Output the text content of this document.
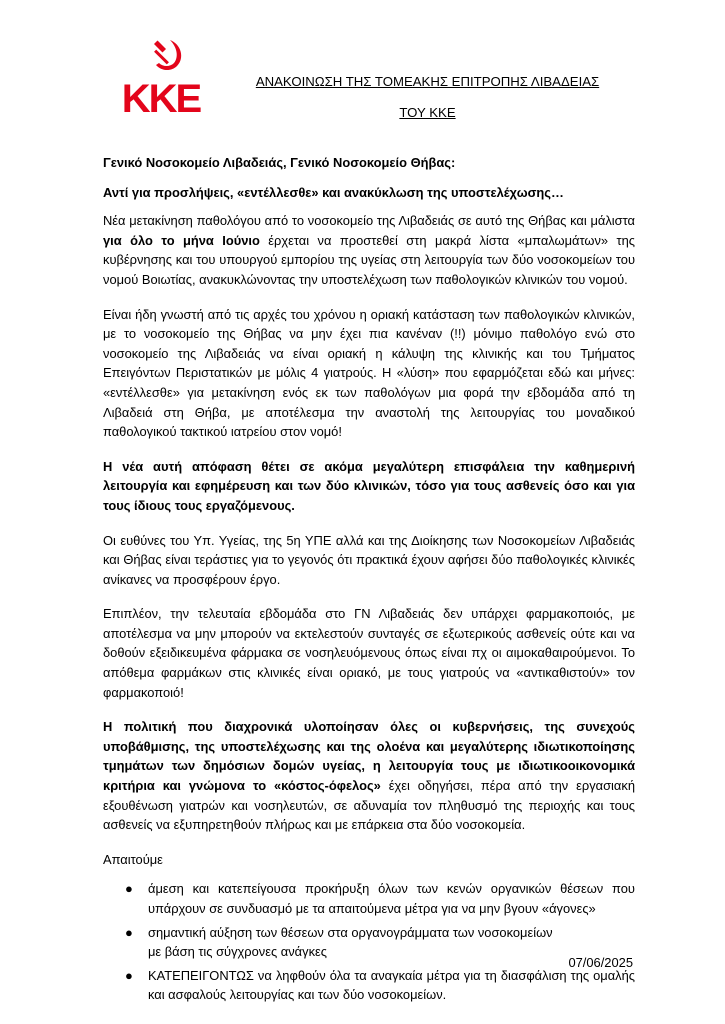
ΚΚΕ	ΑΝΑΚΟΙΝΩΣΗ ΤΗΣ ΤΟΜΕΑΚΗΣ ΕΠΙΤΡΟΠΗΣ ΛΙΒΑΔΕΙΑΣ
ΤΟΥ ΚΚΕ
Γενικό Νοσοκομείο Λιβαδειάς, Γενικό Νοσοκομείο Θήβας:
Αντί για προσλήψεις, «εντέλλεσθε» και ανακύκλωση της υποστελέχωσης…
Νέα μετακίνηση παθολόγου από το νοσοκομείο της Λιβαδειάς σε αυτό της Θήβας και μάλιστα για όλο το μήνα Ιούνιο έρχεται να προστεθεί στη μακρά λίστα «μπαλωμάτων» της κυβέρνησης και του υπουργού εμπορίου της υγείας στη λειτουργία των δύο νοσοκομείων του νομού Βοιωτίας, ανακυκλώνοντας την υποστελέχωση των παθολογικών κλινικών του νομού.
Είναι ήδη γνωστή από τις αρχές του χρόνου η οριακή κατάσταση των παθολογικών κλινικών, με το νοσοκομείο της Θήβας να μην έχει πια κανέναν (!!) μόνιμο παθολόγο ενώ στο νοσοκομείο της Λιβαδειάς να είναι οριακή η κάλυψη της κλινικής και του Τμήματος Επειγόντων Περιστατικών με μόλις 4 γιατρούς. Η «λύση» που εφαρμόζεται εδώ και μήνες: «εντέλλεσθε» για μετακίνηση ενός εκ των παθολόγων μια φορά την εβδομάδα από τη Λιβαδειά στη Θήβα, με αποτέλεσμα την αναστολή της λειτουργίας του μοναδικού παθολογικού τακτικού ιατρείου στον νομό!
Η νέα αυτή απόφαση θέτει σε ακόμα μεγαλύτερη επισφάλεια την καθημερινή λειτουργία και εφημέρευση και των δύο κλινικών, τόσο για τους ασθενείς όσο και για τους ίδιους τους εργαζόμενους.
Οι ευθύνες του Υπ. Υγείας, της 5η ΥΠΕ αλλά και της Διοίκησης των Νοσοκομείων Λιβαδειάς και Θήβας είναι τεράστιες για το γεγονός ότι πρακτικά έχουν αφήσει δύο παθολογικές κλινικές ανίκανες να προσφέρουν έργο.
Επιπλέον, την τελευταία εβδομάδα στο ΓΝ Λιβαδειάς δεν υπάρχει φαρμακοποιός, με αποτέλεσμα να μην μπορούν να εκτελεστούν συνταγές σε εξωτερικούς ασθενείς ούτε και να δοθούν εξειδικευμένα φάρμακα σε νοσηλευόμενους όπως είναι πχ οι αιμοκαθαιρούμενοι. Το απόθεμα φαρμάκων στις κλινικές είναι οριακό, με τους γιατρούς να «αντικαθιστούν» τον φαρμακοποιό!
Η πολιτική που διαχρονικά υλοποίησαν όλες οι κυβερνήσεις, της συνεχούς υποβάθμισης, της υποστελέχωσης και της ολοένα και μεγαλύτερης ιδιωτικοποίησης τμημάτων των δημόσιων δομών υγείας, η λειτουργία τους με ιδιωτικοοικονομικά κριτήρια και γνώμονα το «κόστος-όφελος» έχει οδηγήσει, πέρα από την εργασιακή εξουθένωση γιατρών και νοσηλευτών, σε αδυναμία τον πληθυσμό της περιοχής και τους ασθενείς να εξυπηρετηθούν πλήρως και με επάρκεια στα δύο νοσοκομεία.
Απαιτούμε
● άμεση και κατεπείγουσα προκήρυξη όλων των κενών οργανικών θέσεων που υπάρχουν σε συνδυασμό με τα απαιτούμενα μέτρα για να μην βγουν «άγονες»
● σημαντική αύξηση των θέσεων στα οργανογράμματα των νοσοκομείων
με βάση τις σύγχρονες ανάγκες
● ΚΑΤΕΠΕΙΓΟΝΤΩΣ να ληφθούν όλα τα αναγκαία μέτρα για τη διασφάλιση της ομαλής και ασφαλούς λειτουργίας και των δύο νοσοκομείων.
07/06/2025
